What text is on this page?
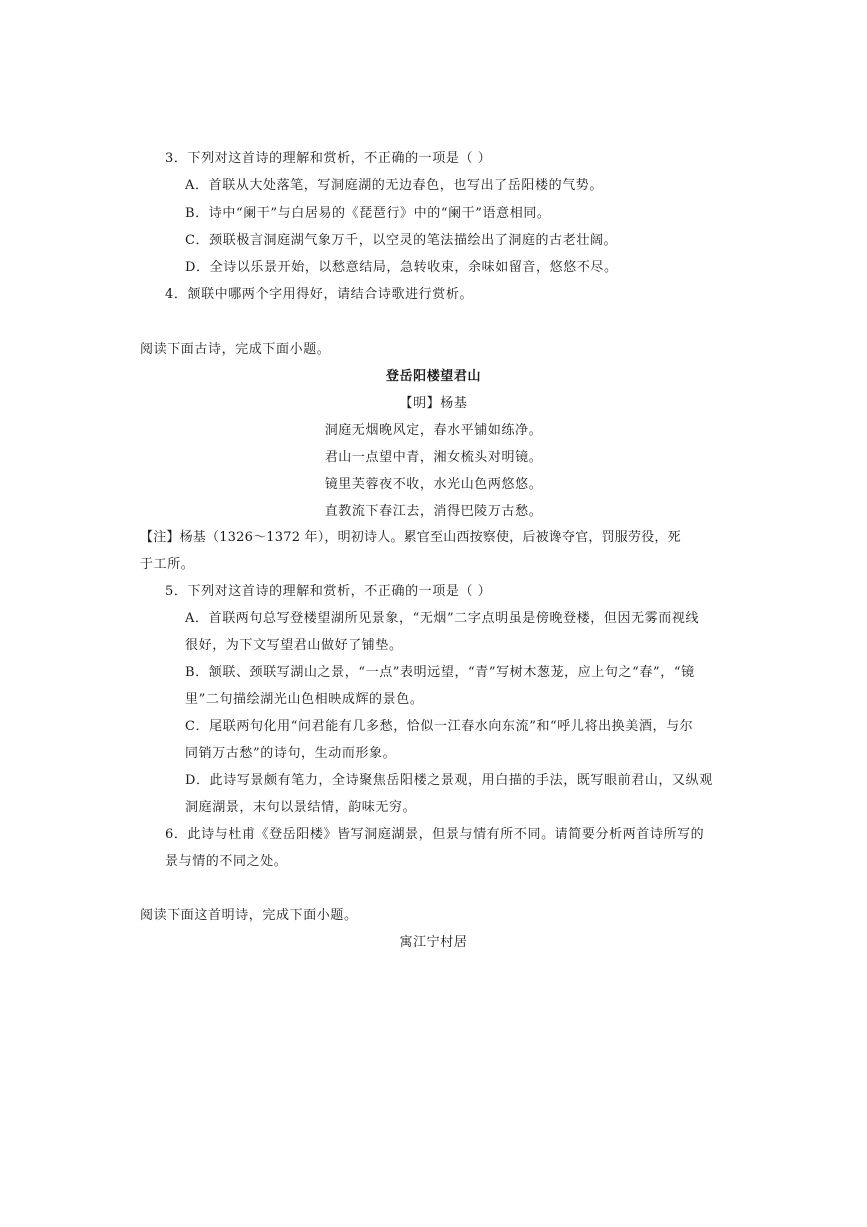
3．下列对这首诗的理解和赏析，不正确的一项是（ ）
A．首联从大处落笔，写洞庭湖的无边春色，也写出了岳阳楼的气势。
B．诗中“阑干”与白居易的《琵琶行》中的“阑干”语意相同。
C．颈联极言洞庭湖气象万千，以空灵的笔法描绘出了洞庭的古老壮阔。
D．全诗以乐景开始，以愁意结局，急转收束，余味如留音，悠悠不尽。
4．颔联中哪两个字用得好，请结合诗歌进行赏析。
阅读下面古诗，完成下面小题。
登岳阳楼望君山
【明】杨基
洞庭无烟晚风定，春水平铺如练净。
君山一点望中青，湘女梳头对明镜。
镜里芙蓉夜不收，水光山色两悠悠。
直教流下春江去，消得巴陵万古愁。
【注】杨基（1326～1372 年），明初诗人。累官至山西按察使，后被谗夺官，罚服劳役，死
于工所。
5．下列对这首诗的理解和赏析，不正确的一项是（ ）
A．首联两句总写登楼望湖所见景象，“无烟”二字点明虽是傍晚登楼，但因无雾而视线
很好，为下文写望君山做好了铺垫。
B．颔联、颈联写湖山之景，“一点”表明远望，“青”写树木葱茏，应上句之“春”，“镜
里”二句描绘湖光山色相映成辉的景色。
C．尾联两句化用“问君能有几多愁，恰似一江春水向东流”和“呼儿将出换美酒，与尔
同销万古愁”的诗句，生动而形象。
D．此诗写景颇有笔力，全诗聚焦岳阳楼之景观，用白描的手法，既写眼前君山，又纵观
洞庭湖景，末句以景结情，韵味无穷。
6．此诗与杜甫《登岳阳楼》皆写洞庭湖景，但景与情有所不同。请简要分析两首诗所写的
景与情的不同之处。
阅读下面这首明诗，完成下面小题。
寓江宁村居
